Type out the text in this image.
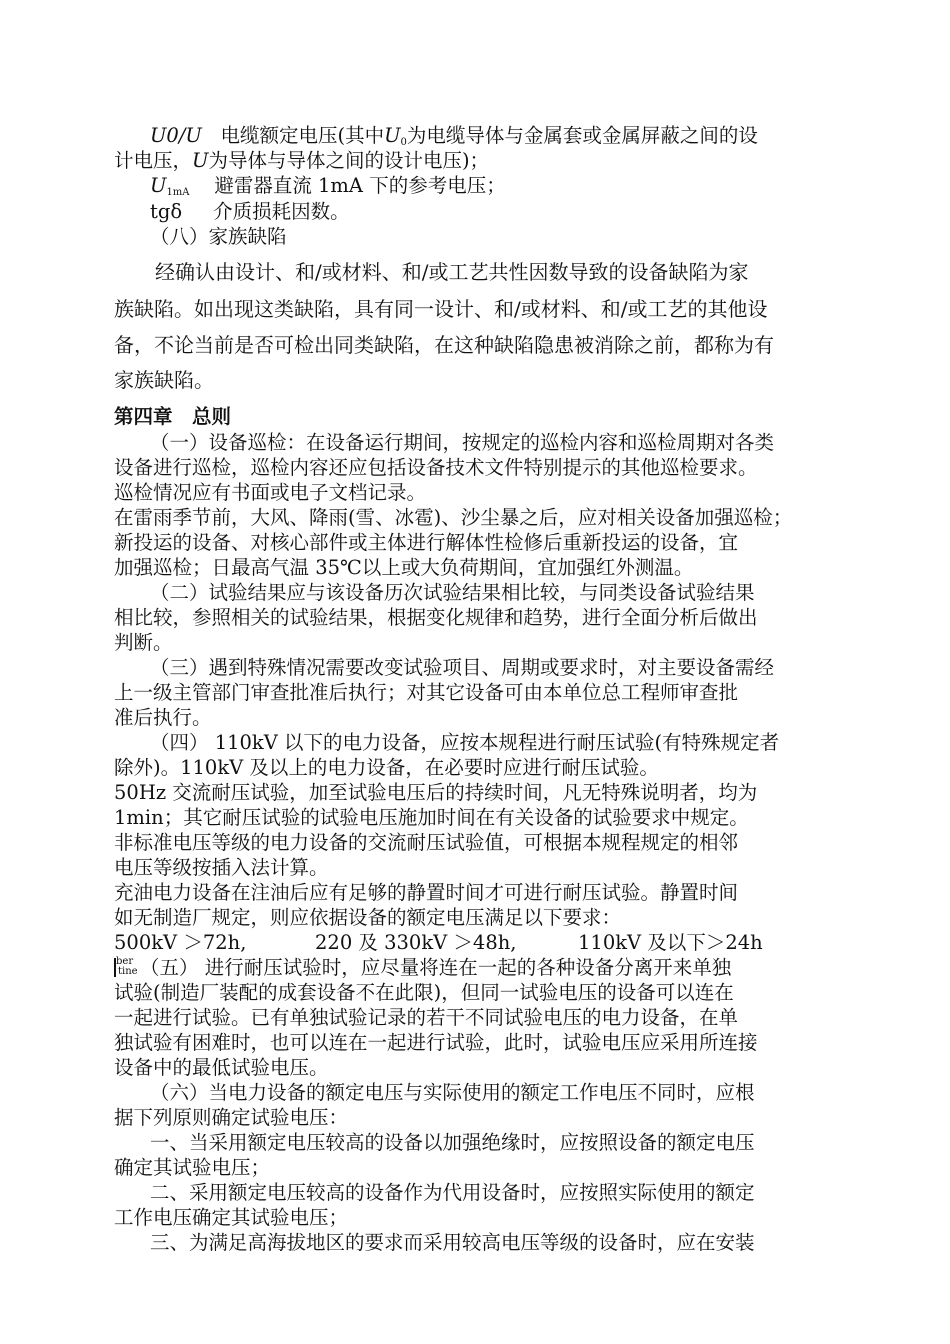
U0/U 电缆额定电压(其中$U_0$为电缆导体与金属套或金属屏蔽之间的设
计电压，U为导体与导体之间的设计电压)；
$U_{1mA}$ 避雷器直流 1mA 下的参考电压；
tgδ 介质损耗因数。
（八）家族缺陷
经确认由设计、和/或材料、和/或工艺共性因数导致的设备缺陷为家
族缺陷。如出现这类缺陷，具有同一设计、和/或材料、和/或工艺的其他设
备，不论当前是否可检出同类缺陷，在这种缺陷隐患被消除之前，都称为有
家族缺陷。
第四章　总则
（一）设备巡检：在设备运行期间，按规定的巡检内容和巡检周期对各类
设备进行巡检，巡检内容还应包括设备技术文件特别提示的其他巡检要求。
巡检情况应有书面或电子文档记录。
在雷雨季节前，大风、降雨(雪、冰雹)、沙尘暴之后，应对相关设备加强巡检；
新投运的设备、对核心部件或主体进行解体性检修后重新投运的设备，宜
加强巡检；日最高气温 35℃以上或大负荷期间，宜加强红外测温。
（二）试验结果应与该设备历次试验结果相比较，与同类设备试验结果
相比较，参照相关的试验结果，根据变化规律和趋势，进行全面分析后做出
判断。
（三）遇到特殊情况需要改变试验项目、周期或要求时，对主要设备需经
上一级主管部门审查批准后执行；对其它设备可由本单位总工程师审查批
准后执行。
（四） 110kV 以下的电力设备，应按本规程进行耐压试验(有特殊规定者
除外)。110kV 及以上的电力设备，在必要时应进行耐压试验。
50Hz 交流耐压试验，加至试验电压后的持续时间，凡无特殊说明者，均为
1min；其它耐压试验的试验电压施加时间在有关设备的试验要求中规定。
非标准电压等级的电力设备的交流耐压试验值，可根据本规程规定的相邻
电压等级按插入法计算。
充油电力设备在注油后应有足够的静置时间才可进行耐压试验。静置时间
如无制造厂规定，则应依据设备的额定电压满足以下要求：
500kV ＞72h,	220 及 330kV ＞48h,	110kV 及以下＞24h
ber
tine （五） 进行耐压试验时，应尽量将连在一起的各种设备分离开来单独
试验(制造厂装配的成套设备不在此限)，但同一试验电压的设备可以连在
一起进行试验。已有单独试验记录的若干不同试验电压的电力设备，在单
独试验有困难时，也可以连在一起进行试验，此时，试验电压应采用所连接
设备中的最低试验电压。
（六）当电力设备的额定电压与实际使用的额定工作电压不同时，应根
据下列原则确定试验电压：
一、当采用额定电压较高的设备以加强绝缘时，应按照设备的额定电压
确定其试验电压；
二、采用额定电压较高的设备作为代用设备时，应按照实际使用的额定
工作电压确定其试验电压；
三、为满足高海拔地区的要求而采用较高电压等级的设备时，应在安装
